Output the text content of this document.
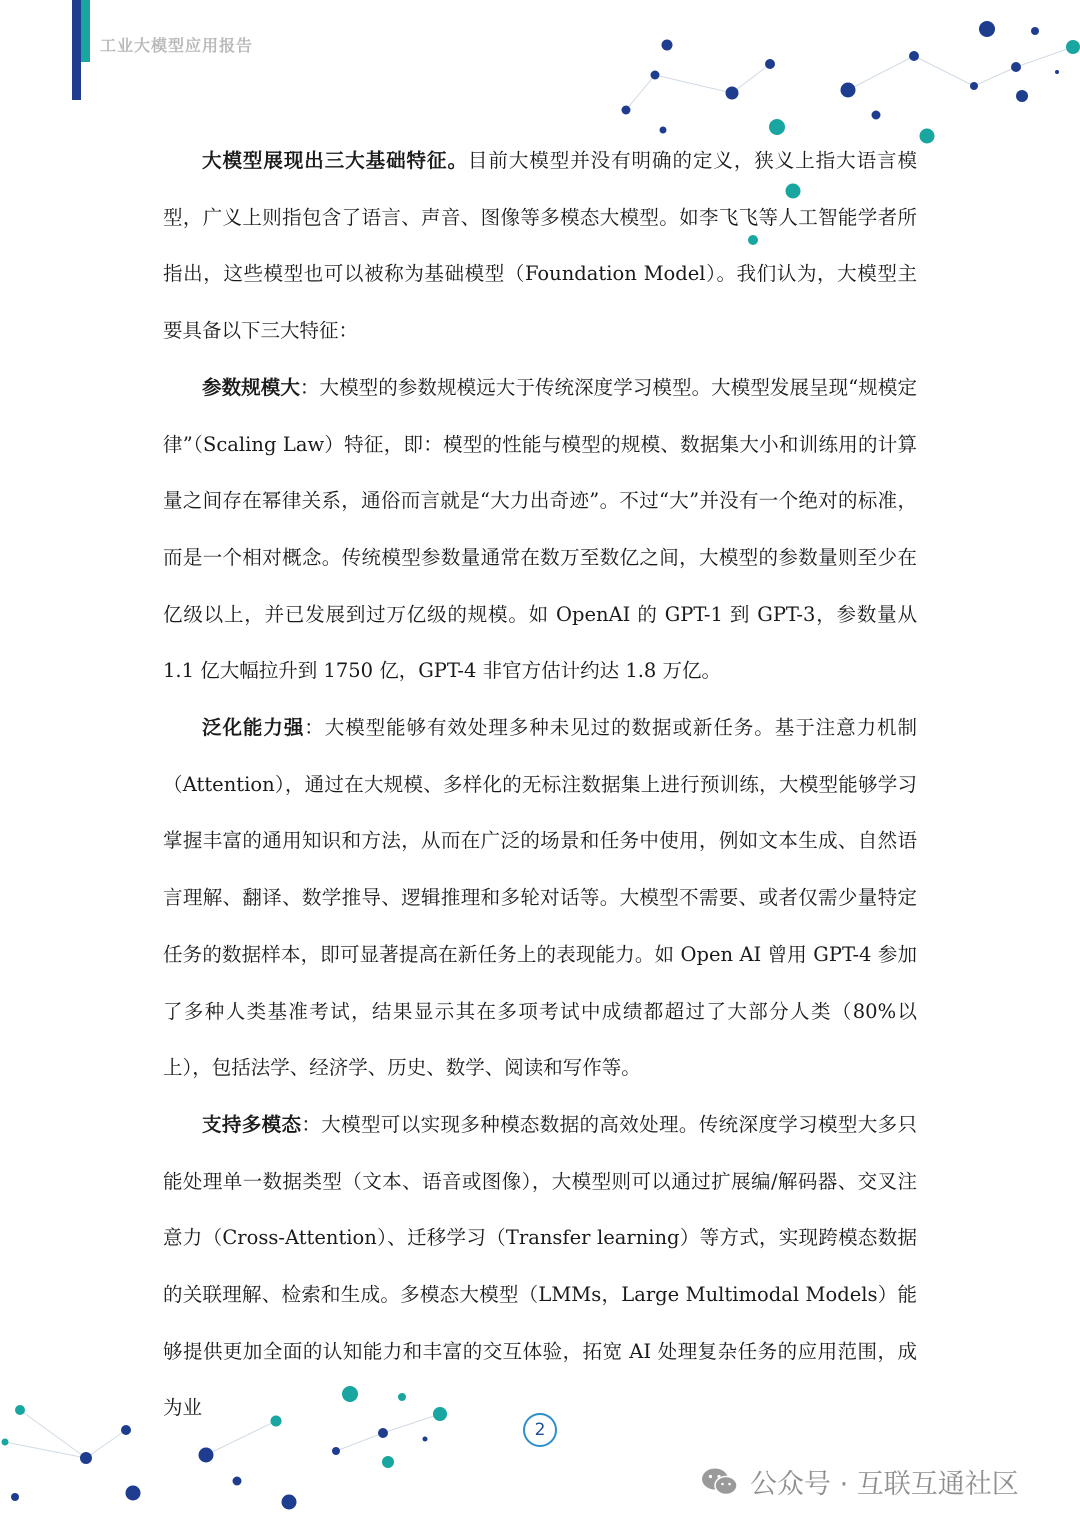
工业大模型应用报告

大模型展现出三大基础特征。目前大模型并没有明确的定义，狭义上指大语言模型，广义上则指包含了语言、声音、图像等多模态大模型。如李飞飞等人工智能学者所指出，这些模型也可以被称为基础模型（Foundation Model）。我们认为，大模型主要具备以下三大特征：

参数规模大：大模型的参数规模远大于传统深度学习模型。大模型发展呈现“规模定律”（Scaling Law）特征，即：模型的性能与模型的规模、数据集大小和训练用的计算量之间存在幂律关系，通俗而言就是“大力出奇迹”。不过“大”并没有一个绝对的标准，而是一个相对概念。传统模型参数量通常在数万至数亿之间，大模型的参数量则至少在亿级以上，并已发展到过万亿级的规模。如 OpenAI 的 GPT-1 到 GPT-3，参数量从 1.1 亿大幅拉升到 1750 亿，GPT-4 非官方估计约达 1.8 万亿。

泛化能力强：大模型能够有效处理多种未见过的数据或新任务。基于注意力机制（Attention），通过在大规模、多样化的无标注数据集上进行预训练，大模型能够学习掌握丰富的通用知识和方法，从而在广泛的场景和任务中使用，例如文本生成、自然语言理解、翻译、数学推导、逻辑推理和多轮对话等。大模型不需要、或者仅需少量特定任务的数据样本，即可显著提高在新任务上的表现能力。如 Open AI 曾用 GPT-4 参加了多种人类基准考试，结果显示其在多项考试中成绩都超过了大部分人类（80%以上），包括法学、经济学、历史、数学、阅读和写作等。

支持多模态：大模型可以实现多种模态数据的高效处理。传统深度学习模型大多只能处理单一数据类型（文本、语音或图像），大模型则可以通过扩展编/解码器、交叉注意力（Cross-Attention）、迁移学习（Transfer learning）等方式，实现跨模态数据的关联理解、检索和生成。多模态大模型（LMMs，Large Multimodal Models）能够提供更加全面的认知能力和丰富的交互体验，拓宽 AI 处理复杂任务的应用范围，成为业

2
公众号 · 互联互通社区
